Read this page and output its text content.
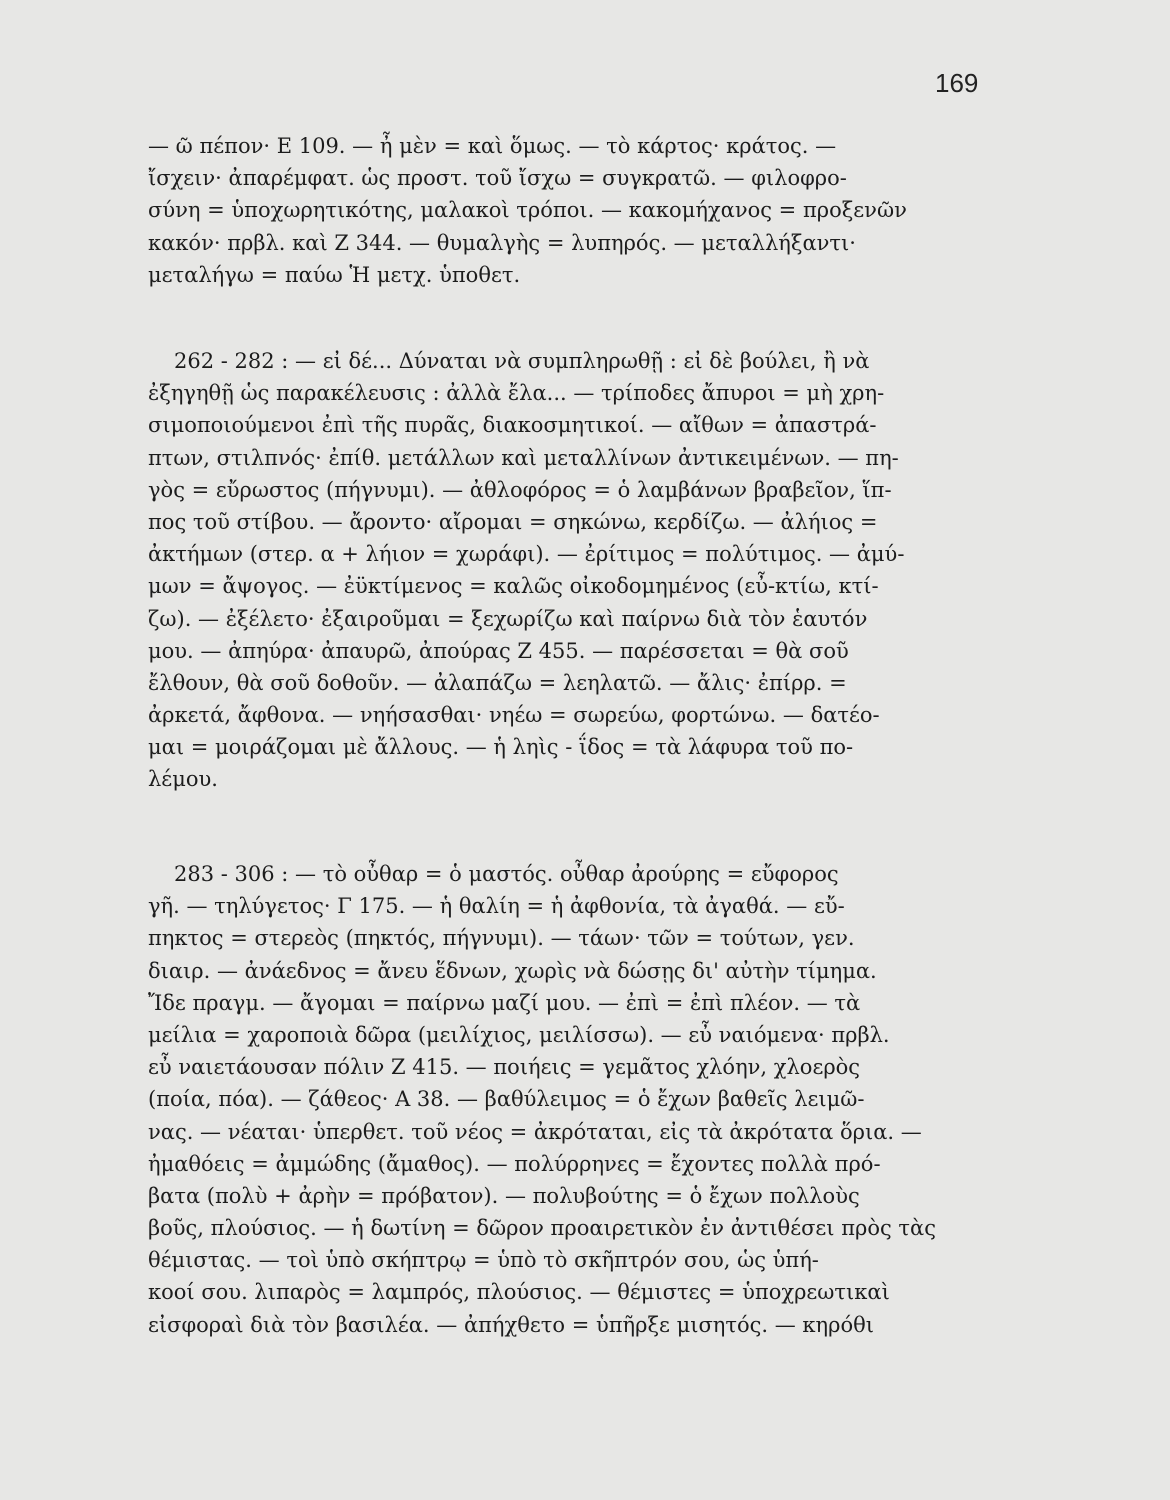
169
— ῶ πέπον· Ε 109. — ἦ μὲν = καὶ ὅμως. — τὸ κάρτος· κράτος. —
ἴσχειν· ἀπαρέμφατ. ὡς προστ. τοῦ ἴσχω = συγκρατῶ. — φιλοφρο-
σύνη = ὑποχωρητικότης, μαλακοὶ τρόποι. — κακομήχανος = προξενῶν
κακόν· πρβλ. καὶ Ζ 344. — θυμαλγὴς = λυπηρός. — μεταλλήξαντι·
μεταλήγω = παύω Ἡ μετχ. ὑποθετ.
262 - 282 : — εἰ δέ... Δύναται νὰ συμπληρωθῇ : εἰ δὲ βούλει, ἢ νὰ
ἐξηγηθῇ ὡς παρακέλευσις : ἀλλὰ ἔλα... — τρίποδες ἄπυροι = μὴ χρη-
σιμοποιούμενοι ἐπὶ τῆς πυρᾶς, διακοσμητικοί. — αἴθων = ἀπαστρά-
πτων, στιλπνός· ἐπίθ. μετάλλων καὶ μεταλλίνων ἀντικειμένων. — πη-
γὸς = εὔρωστος (πήγνυμι). — ἀθλοφόρος = ὁ λαμβάνων βραβεῖον, ἵπ-
πος τοῦ στίβου. — ἄροντο· αἴρομαι = σηκώνω, κερδίζω. — ἀλήιος =
ἀκτήμων (στερ. α + λήιον = χωράφι). — ἐρίτιμος = πολύτιμος. — ἀμύ-
μων = ἄψογος. — ἐϋκτίμενος = καλῶς οἰκοδομημένος (εὖ-κτίω, κτί-
ζω). — ἐξέλετο· ἐξαιροῦμαι = ξεχωρίζω καὶ παίρνω διὰ τὸν ἑαυτόν
μου. — ἀπηύρα· ἀπαυρῶ, ἀπούρας Ζ 455. — παρέσσεται = θὰ σοῦ
ἔλθουν, θὰ σοῦ δοθοῦν. — ἀλαπάζω = λεηλατῶ. — ἄλις· ἐπίρρ. =
ἀρκετά, ἄφθονα. — νηήσασθαι· νηέω = σωρεύω, φορτώνω. — δατέο-
μαι = μοιράζομαι μὲ ἄλλους. — ἡ ληὶς - ΐδος = τὰ λάφυρα τοῦ πο-
λέμου.
283 - 306 : — τὸ οὖθαρ = ὁ μαστός. οὖθαρ ἀρούρης = εὔφορος
γῆ. — τηλύγετος· Γ 175. — ἡ θαλίη = ἡ ἀφθονία, τὰ ἀγαθά. — εὔ-
πηκτος = στερεὸς (πηκτός, πήγνυμι). — τάων· τῶν = τούτων, γεν.
διαιρ. — ἀνάεδνος = ἄνευ ἕδνων, χωρὶς νὰ δώσῃς δι' αὐτὴν τίμημα.
Ἴδε πραγμ. — ἄγομαι = παίρνω μαζί μου. — ἐπὶ = ἐπὶ πλέον. — τὰ
μείλια = χαροποιὰ δῶρα (μειλίχιος, μειλίσσω). — εὖ ναιόμενα· πρβλ.
εὖ ναιετάουσαν πόλιν Ζ 415. — ποιήεις = γεμᾶτος χλόην, χλοερὸς
(ποία, πόα). — ζάθεος· Α 38. — βαθύλειμος = ὁ ἔχων βαθεῖς λειμῶ-
νας. — νέαται· ὑπερθετ. τοῦ νέος = ἀκρόταται, εἰς τὰ ἀκρότατα ὅρια. —
ἠμαθόεις = ἀμμώδης (ἄμαθος). — πολύρρηνες = ἔχοντες πολλὰ πρό-
βατα (πολὺ + ἀρὴν = πρόβατον). — πολυβούτης = ὁ ἔχων πολλοὺς
βοῦς, πλούσιος. — ἡ δωτίνη = δῶρον προαιρετικὸν ἐν ἀντιθέσει πρὸς τὰς
θέμιστας. — τοὶ ὑπὸ σκήπτρῳ = ὑπὸ τὸ σκῆπτρόν σου, ὡς ὑπή-
κοοί σου. λιπαρὸς = λαμπρός, πλούσιος. — θέμιστες = ὑποχρεωτικαὶ
εἰσφοραὶ διὰ τὸν βασιλέα. — ἀπήχθετο = ὑπῆρξε μισητός. — κηρόθι
